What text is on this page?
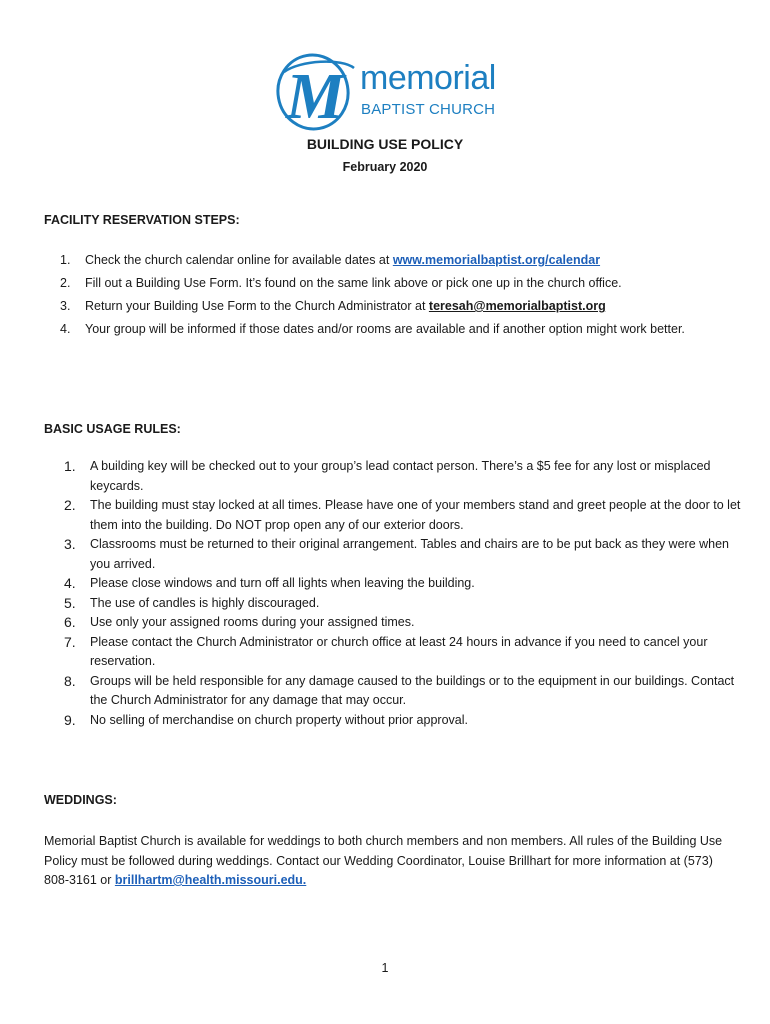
M memorial
BAPTIST CHURCH
BUILDING USE POLICY
February 2020
FACILITY RESERVATION STEPS:
1. Check the church calendar online for available dates at www.memorialbaptist.org/calendar
2. Fill out a Building Use Form. It’s found on the same link above or pick one up in the church office.
3. Return your Building Use Form to the Church Administrator at teresah@memorialbaptist.org
4. Your group will be informed if those dates and/or rooms are available and if another option might work better.
BASIC USAGE RULES:
1. A building key will be checked out to your group’s lead contact person. There’s a $5 fee for any lost or misplaced keycards.
2. The building must stay locked at all times. Please have one of your members stand and greet people at the door to let them into the building. Do NOT prop open any of our exterior doors.
3. Classrooms must be returned to their original arrangement. Tables and chairs are to be put back as they were when you arrived.
4. Please close windows and turn off all lights when leaving the building.
5. The use of candles is highly discouraged.
6. Use only your assigned rooms during your assigned times.
7. Please contact the Church Administrator or church office at least 24 hours in advance if you need to cancel your reservation.
8. Groups will be held responsible for any damage caused to the buildings or to the equipment in our buildings. Contact the Church Administrator for any damage that may occur.
9. No selling of merchandise on church property without prior approval.
WEDDINGS:
Memorial Baptist Church is available for weddings to both church members and non members. All rules of the Building Use Policy must be followed during weddings. Contact our Wedding Coordinator, Louise Brillhart for more information at (573) 808-3161 or brillhartm@health.missouri.edu.
1
